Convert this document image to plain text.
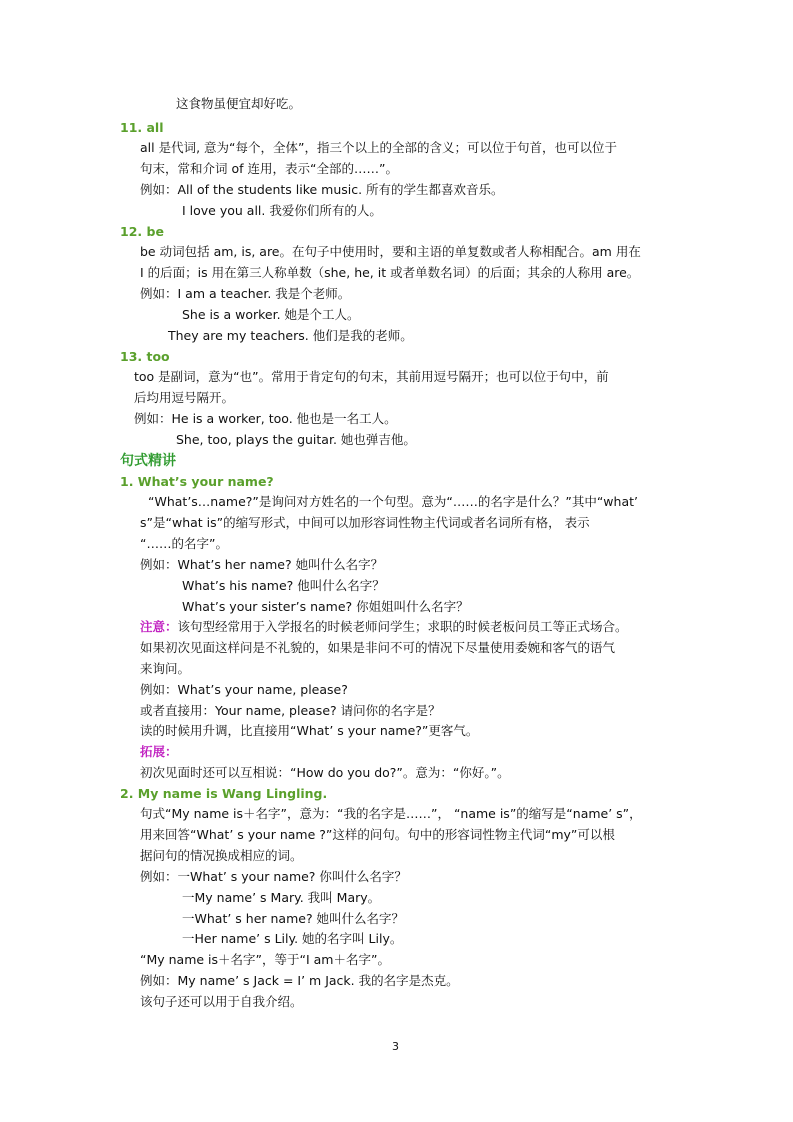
这食物虽便宜却好吃。

11. all

all 是代词, 意为“每个，全体”，指三个以上的全部的含义；可以位于句首，也可以位于

句末，常和介词 of 连用，表示“全部的……”。

例如：All of the students like music. 所有的学生都喜欢音乐。

I love you all. 我爱你们所有的人。

12. be

be 动词包括 am, is, are。在句子中使用时，要和主语的单复数或者人称相配合。am 用在

I 的后面；is 用在第三人称单数（she, he, it 或者单数名词）的后面；其余的人称用 are。

例如：I am a teacher. 我是个老师。

She is a worker. 她是个工人。

They are my teachers. 他们是我的老师。

13. too

too 是副词，意为“也”。常用于肯定句的句末，其前用逗号隔开；也可以位于句中，前

后均用逗号隔开。

例如：He is a worker, too. 他也是一名工人。

She, too, plays the guitar. 她也弹吉他。

句式精讲

1. What’s your name?

“What’s…name?”是询问对方姓名的一个句型。意为“……的名字是什么？”其中“what’

s”是“what is”的缩写形式，中间可以加形容词性物主代词或者名词所有格， 表示

“……的名字”。

例如：What’s her name? 她叫什么名字？

What’s his name? 他叫什么名字？

What’s your sister’s name? 你姐姐叫什么名字？

注意：该句型经常用于入学报名的时候老师问学生；求职的时候老板问员工等正式场合。

如果初次见面这样问是不礼貌的，如果是非问不可的情况下尽量使用委婉和客气的语气

来询问。

例如：What’s your name, please?

或者直接用：Your name, please? 请问你的名字是？

读的时候用升调，比直接用“What’ s your name?”更客气。

拓展：

初次见面时还可以互相说：“How do you do?”。意为：“你好。”。

2. My name is Wang Lingling.

句式“My name is＋名字”，意为：“我的名字是……”， “name is”的缩写是“name’ s”，

用来回答“What’ s your name ?”这样的问句。句中的形容词性物主代词“my”可以根

据问句的情况换成相应的词。

例如：一What’ s your name? 你叫什么名字？

一My name’ s Mary. 我叫 Mary。

一What’ s her name? 她叫什么名字？

一Her name’ s Lily. 她的名字叫 Lily。

“My name is＋名字”，等于“I am＋名字”。

例如：My name’ s Jack = I’ m Jack. 我的名字是杰克。

该句子还可以用于自我介绍。

3
